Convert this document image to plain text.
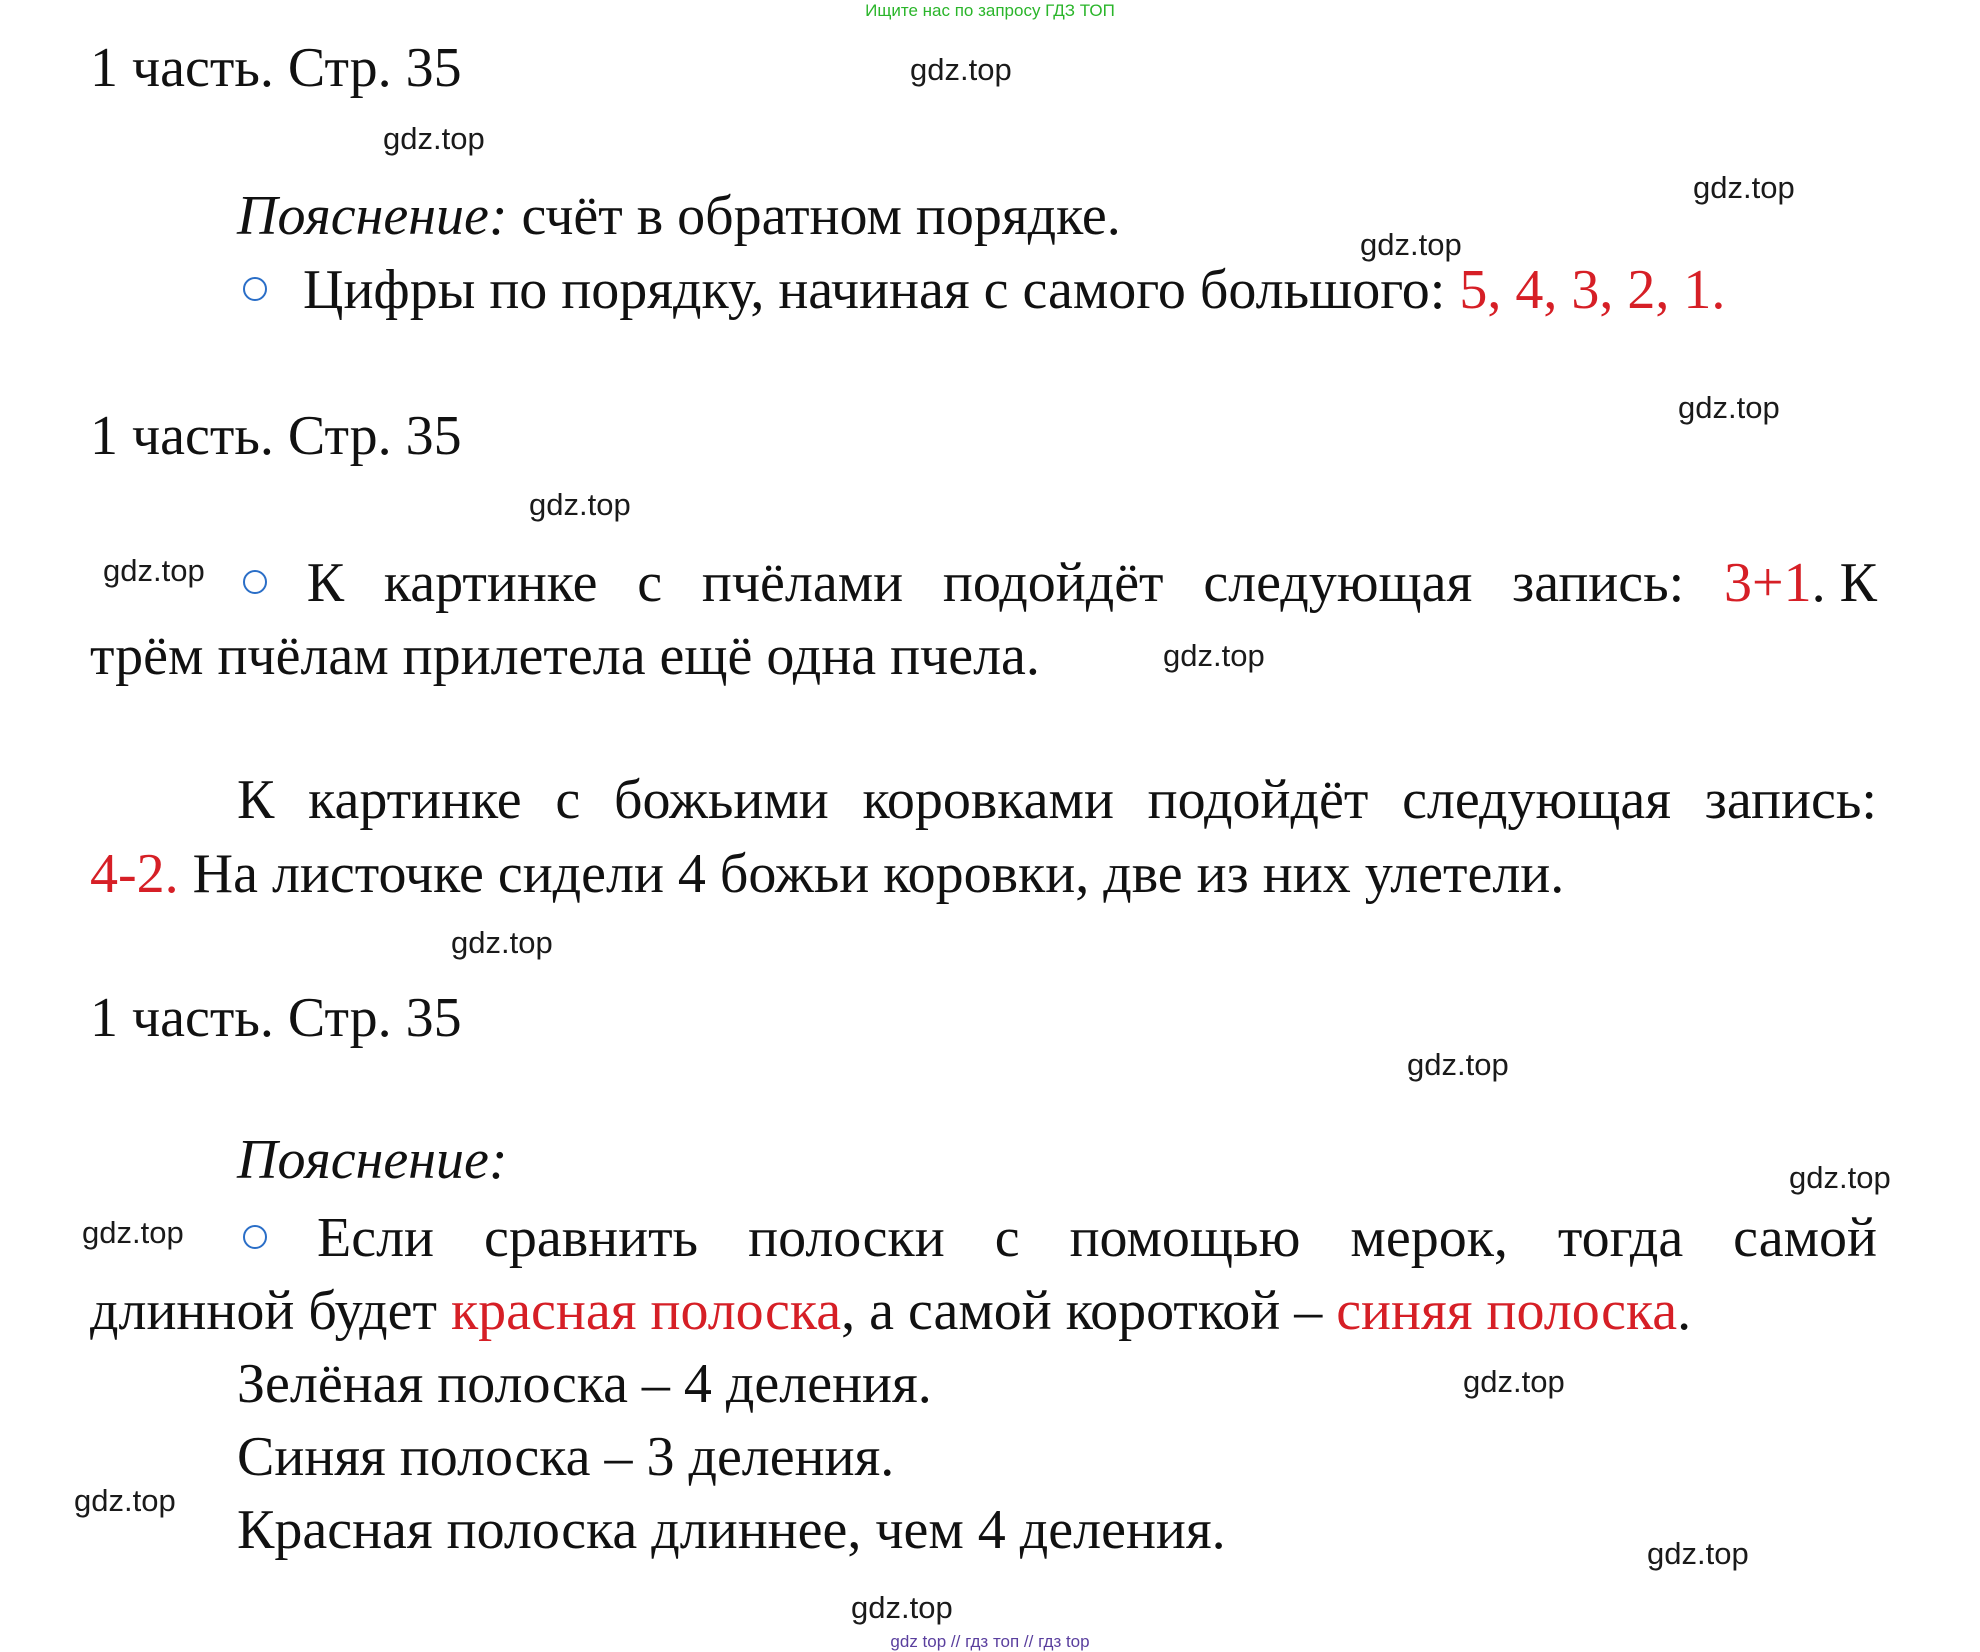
Ищите нас по запросу ГДЗ ТОП
1 часть. Стр. 35
Пояснение: счёт в обратном порядке.
Цифры по порядку, начиная с самого большого: 5, 4, 3, 2, 1.
1 часть. Стр. 35
К картинке с пчёлами подойдёт следующая запись: 3+1. К
трём пчёлам прилетела ещё одна пчела.
К картинке с божьими коровками подойдёт следующая запись:
4-2. На листочке сидели 4 божьи коровки, две из них улетели.
1 часть. Стр. 35
Пояснение:
Если сравнить полоски с помощью мерок, тогда самой
длинной будет красная полоска, а самой короткой – синяя полоска.
Зелёная полоска – 4 деления.
Синяя полоска – 3 деления.
Красная полоска длиннее, чем 4 деления.
gdz.top
gdz.top
gdz.top
gdz.top
gdz.top
gdz.top
gdz.top
gdz.top
gdz.top
gdz.top
gdz.top
gdz.top
gdz.top
gdz.top
gdz.top
gdz.top
gdz top // гдз топ // гдз top
